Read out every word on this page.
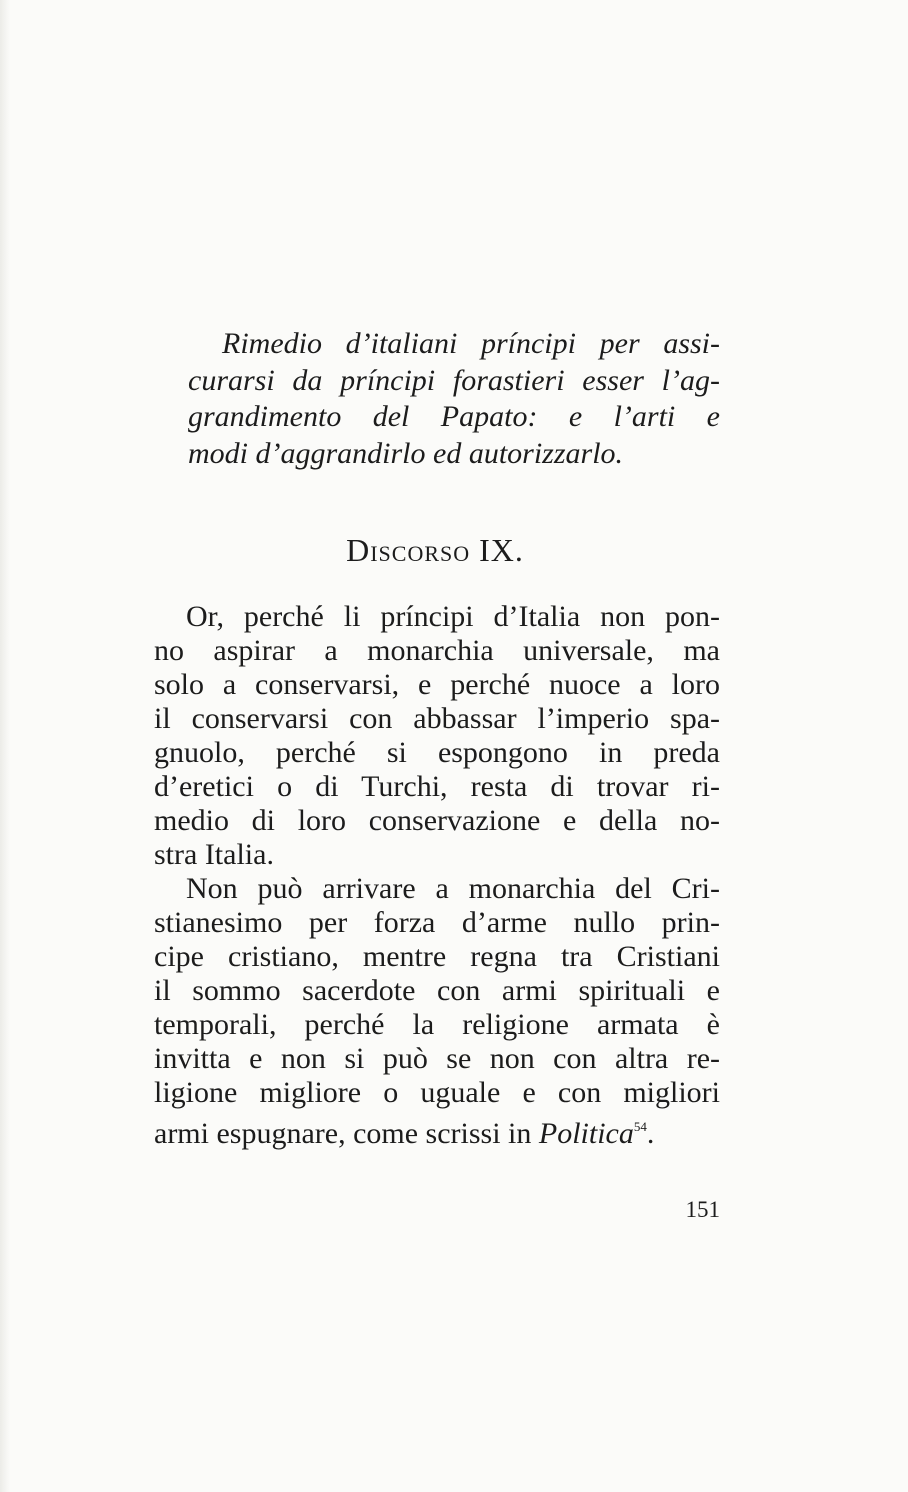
Rimedio d’italiani príncipi per assi-
curarsi da príncipi forastieri esser l’ag-
grandimento del Papato: e l’arti e
modi d’aggrandirlo ed autorizzarlo.
Discorso IX.
Or, perché li príncipi d’Italia non pon-
no aspirar a monarchia universale, ma
solo a conservarsi, e perché nuoce a loro
il conservarsi con abbassar l’imperio spa-
gnuolo, perché si espongono in preda
d’eretici o di Turchi, resta di trovar ri-
medio di loro conservazione e della no-
stra Italia.
Non può arrivare a monarchia del Cri-
stianesimo per forza d’arme nullo prin-
cipe cristiano, mentre regna tra Cristiani
il sommo sacerdote con armi spirituali e
temporali, perché la religione armata è
invitta e non si può se non con altra re-
ligione migliore o uguale e con migliori
armi espugnare, come scrissi in Politica$^{54}$.
151
